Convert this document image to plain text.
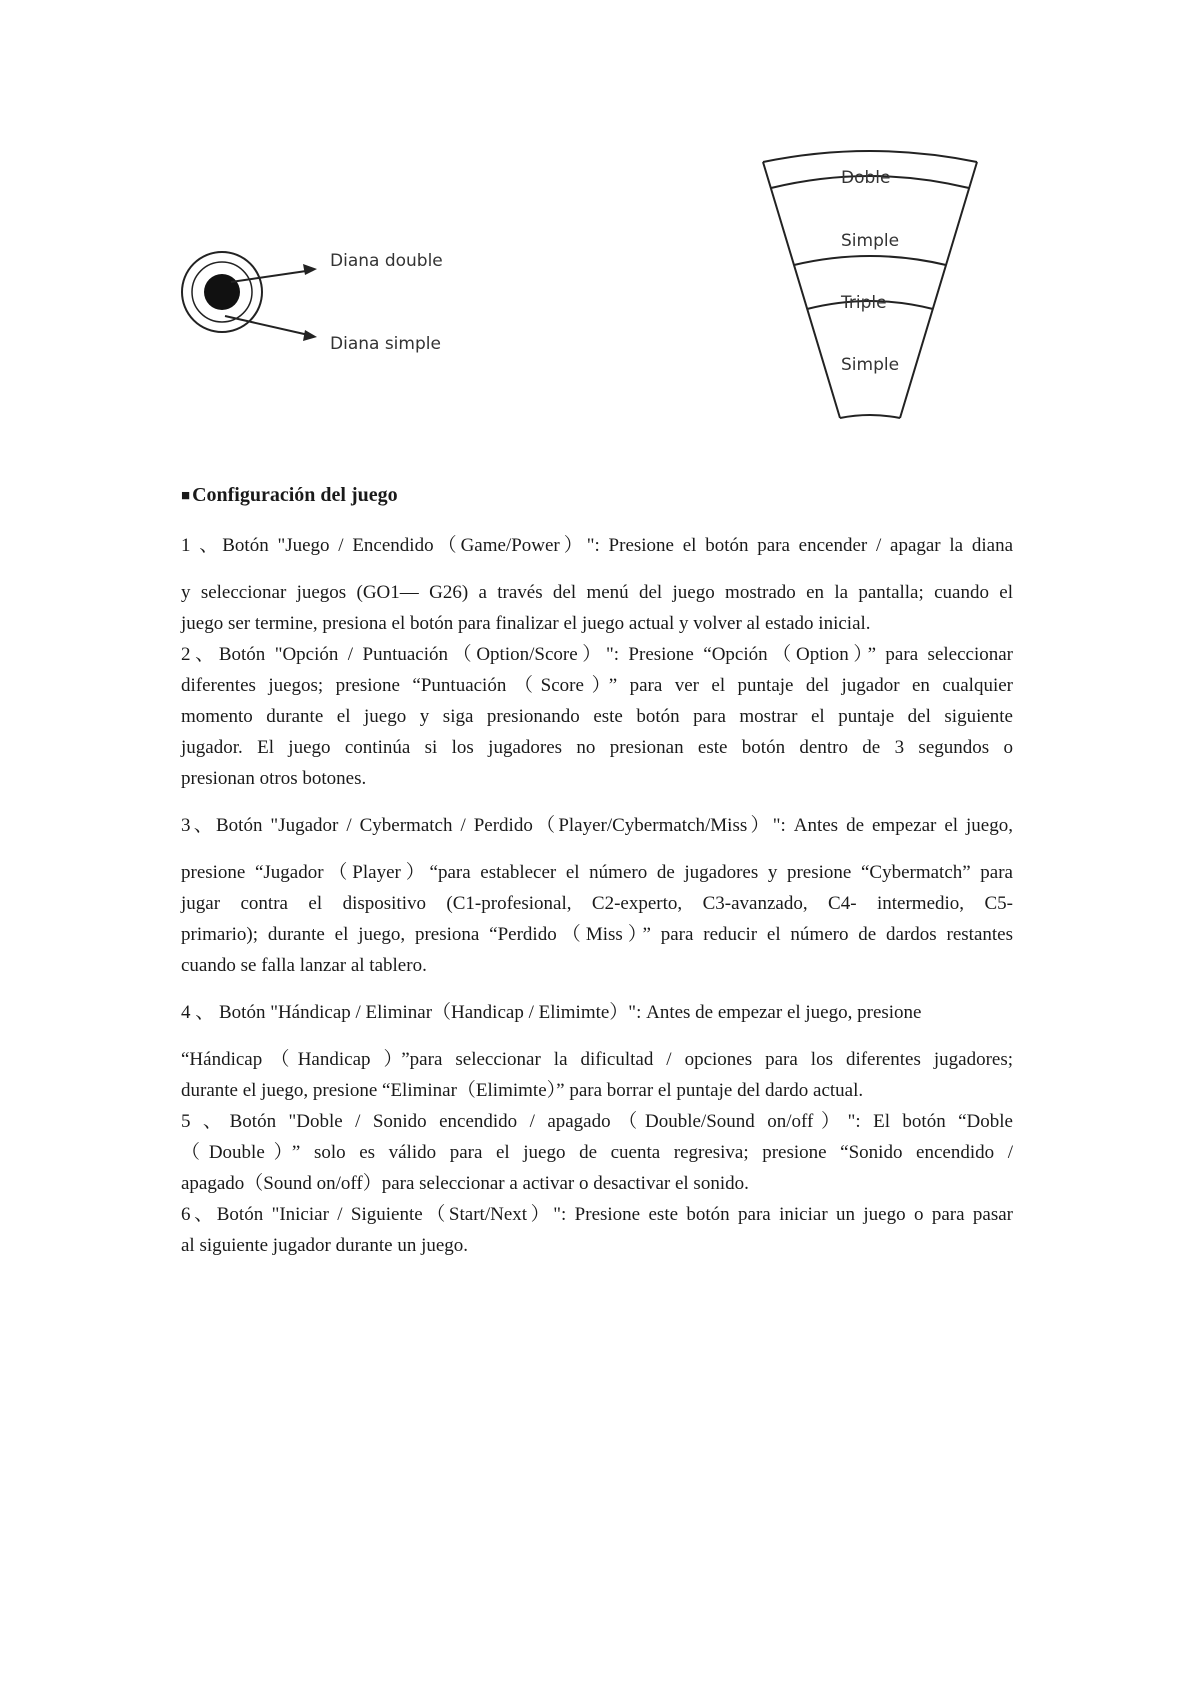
Diana double
Diana simple
Doble
Simple
Triple
Simple

■ Configuración del juego

1 、Botón "Juego / Encendido（Game/Power）": Presione el botón para encender / apagar la diana

y seleccionar juegos (GO1— G26) a través del menú del juego mostrado en la pantalla; cuando el

juego ser termine, presiona el botón para finalizar el juego actual y volver al estado inicial.

2、Botón "Opción / Puntuación（Option/Score）": Presione “Opción（Option）” para seleccionar

diferentes juegos; presione “Puntuación（Score）” para ver el puntaje del jugador en cualquier

momento durante el juego y siga presionando este botón para mostrar el puntaje del siguiente

jugador. El juego continúa si los jugadores no presionan este botón dentro de 3 segundos o

presionan otros botones.

3、Botón "Jugador / Cybermatch / Perdido（Player/Cybermatch/Miss）": Antes de empezar el juego,

presione “Jugador（Player）“para establecer el número de jugadores y presione “Cybermatch” para

jugar contra el dispositivo (C1-profesional, C2-experto, C3-avanzado, C4- intermedio, C5-

primario); durante el juego, presiona “Perdido（Miss）” para reducir el número de dardos restantes

cuando se falla lanzar al tablero.

4 、 Botón "Hándicap / Eliminar（Handicap / Elimimte）": Antes de empezar el juego, presione

“Hándicap（Handicap ）”para seleccionar la dificultad / opciones para los diferentes jugadores;

durante el juego, presione “Eliminar（Elimimte）” para borrar el puntaje del dardo actual.

5 、Botón "Doble / Sonido encendido / apagado（Double/Sound on/off）": El botón “Doble

（Double）” solo es válido para el juego de cuenta regresiva; presione “Sonido encendido /

apagado（Sound on/off）para seleccionar a activar o desactivar el sonido.

6、Botón "Iniciar / Siguiente（Start/Next）": Presione este botón para iniciar un juego o para pasar

al siguiente jugador durante un juego.
